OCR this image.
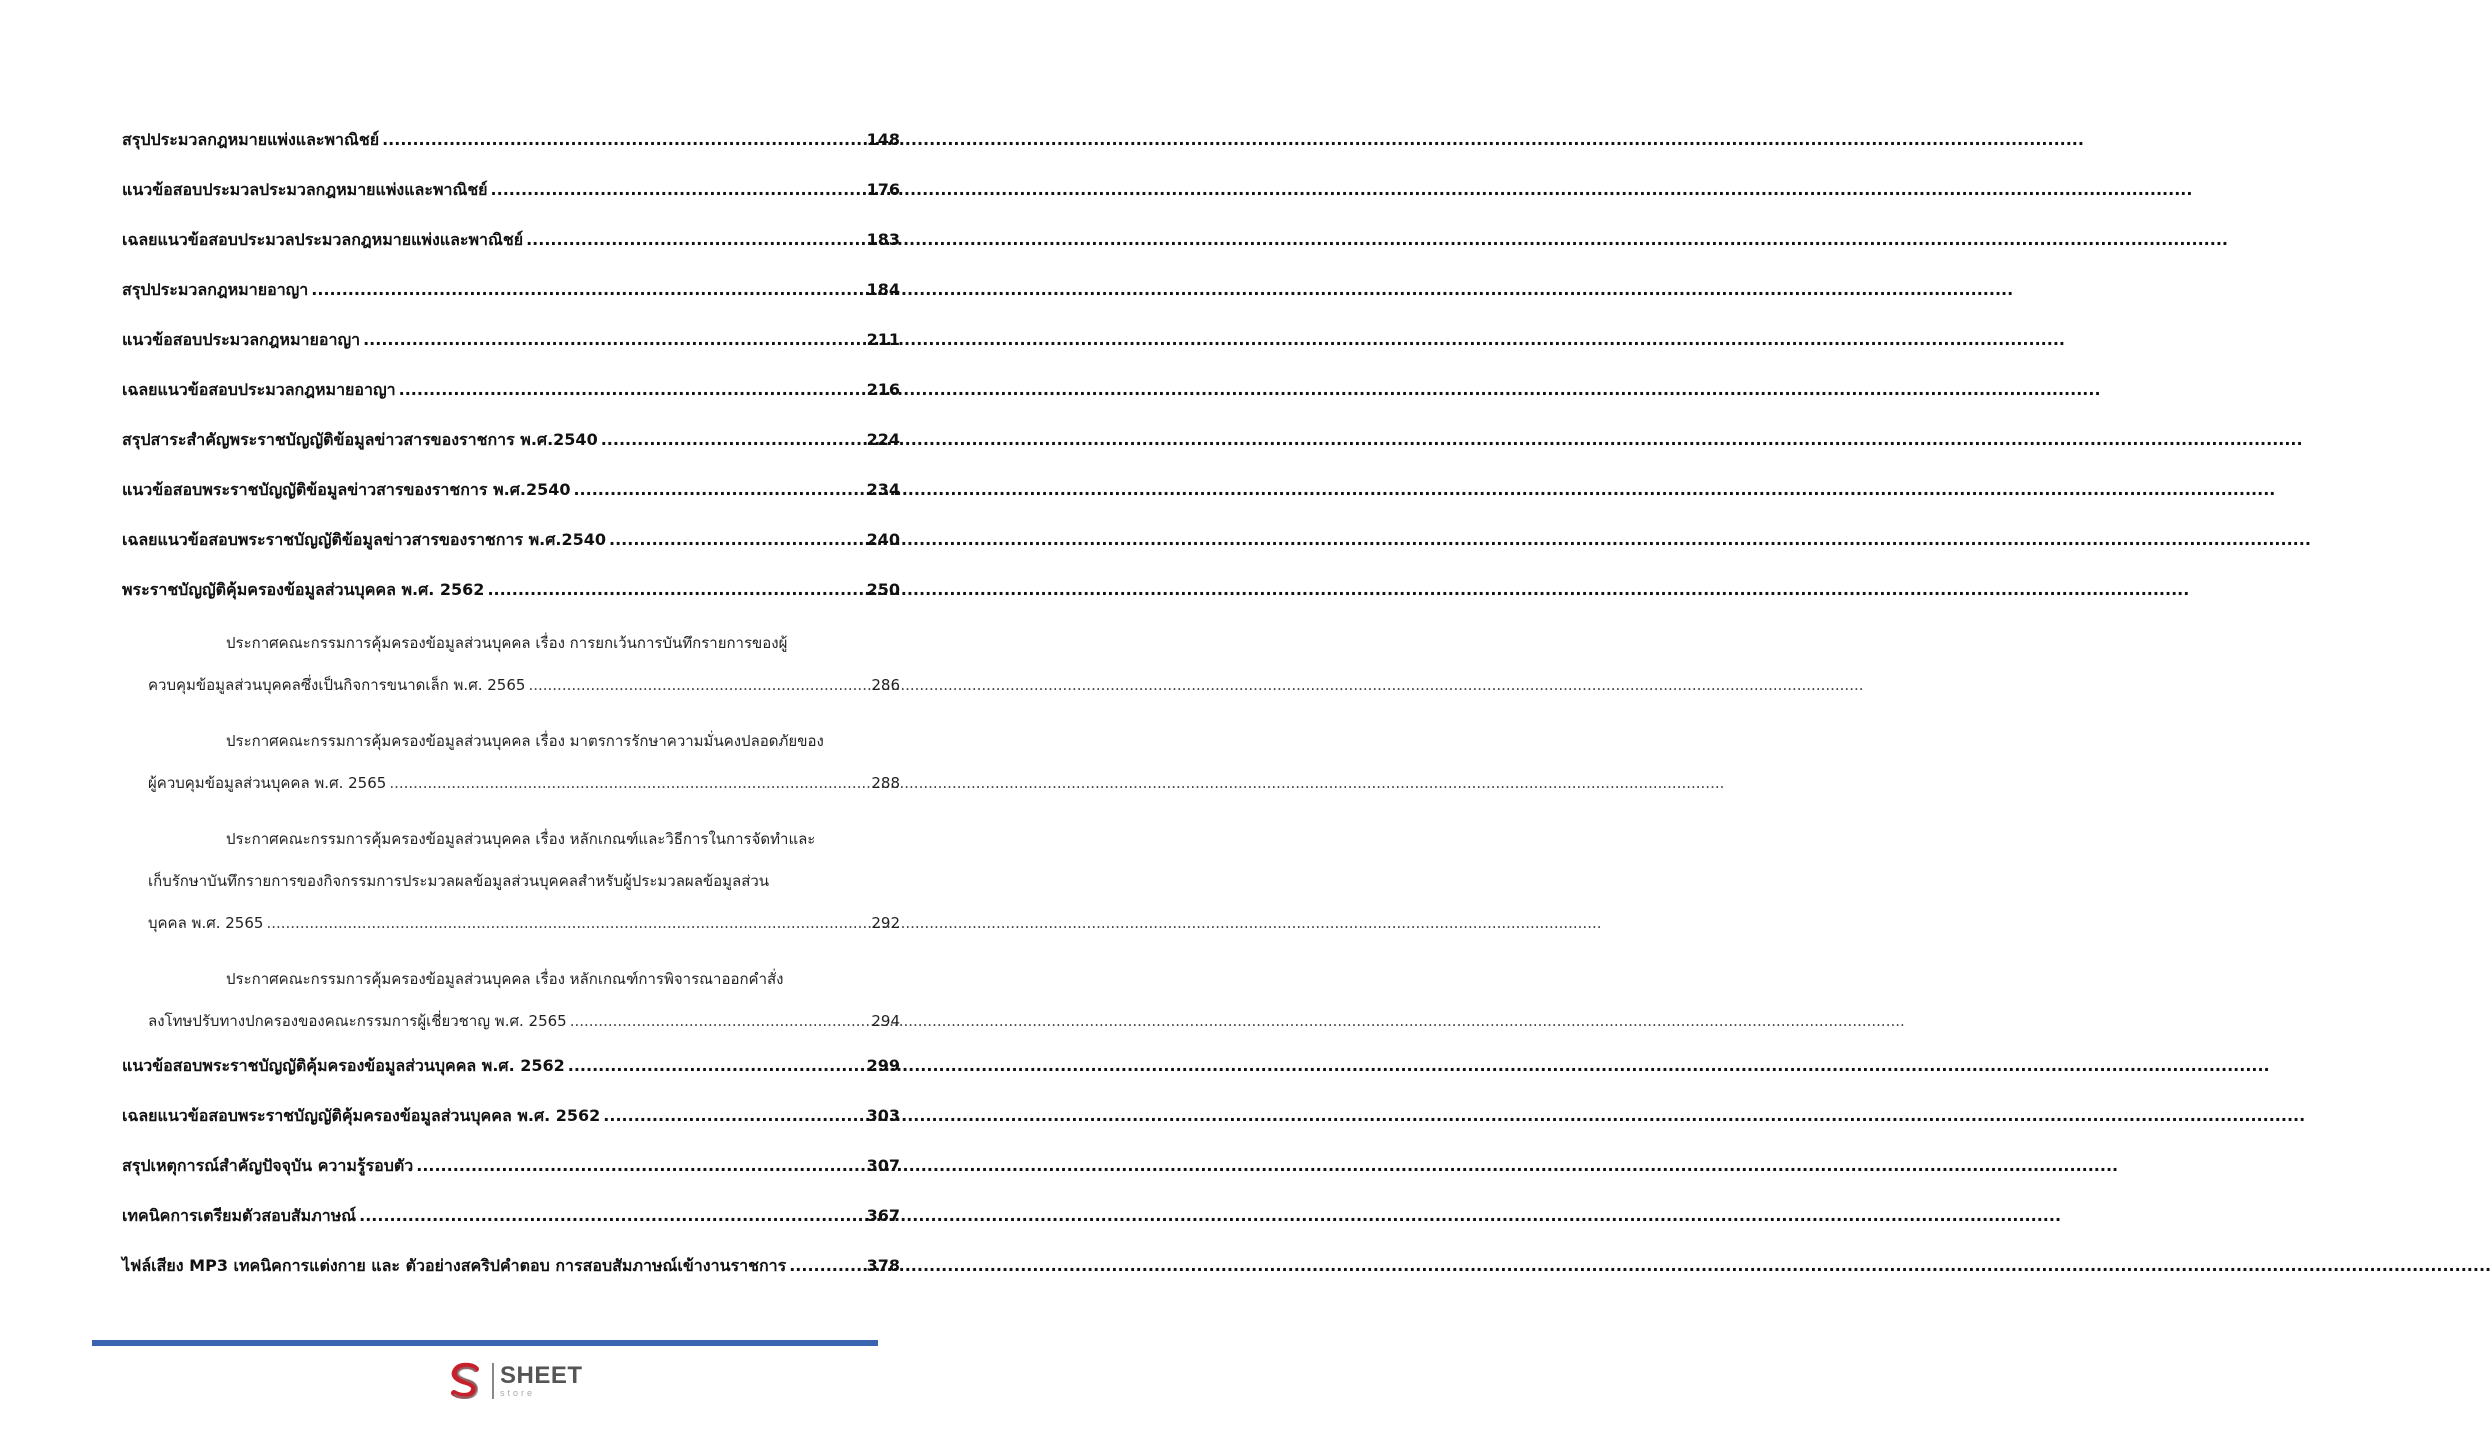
สรุปประมวลกฎหมายแพ่งและพาณิชย์ .....	148
แนวข้อสอบประมวลประมวลกฎหมายแพ่งและพาณิชย์ .....	176
เฉลยแนวข้อสอบประมวลประมวลกฎหมายแพ่งและพาณิชย์ .....	183
สรุปประมวลกฎหมายอาญา .....	184
แนวข้อสอบประมวลกฎหมายอาญา .....	211
เฉลยแนวข้อสอบประมวลกฎหมายอาญา .....	216
สรุปสาระสำคัญพระราชบัญญัติข้อมูลข่าวสารของราชการ พ.ศ.2540 .....	224
แนวข้อสอบพระราชบัญญัติข้อมูลข่าวสารของราชการ พ.ศ.2540 .....	234
เฉลยแนวข้อสอบพระราชบัญญัติข้อมูลข่าวสารของราชการ พ.ศ.2540 .....	240
พระราชบัญญัติคุ้มครองข้อมูลส่วนบุคคล พ.ศ. 2562 .....	250
ประกาศคณะกรรมการคุ้มครองข้อมูลส่วนบุคคล เรื่อง การยกเว้นการบันทึกรายการของผู้
ควบคุมข้อมูลส่วนบุคคลซึ่งเป็นกิจการขนาดเล็ก พ.ศ. 2565 .....	286
ประกาศคณะกรรมการคุ้มครองข้อมูลส่วนบุคคล เรื่อง มาตรการรักษาความมั่นคงปลอดภัยของ
ผู้ควบคุมข้อมูลส่วนบุคคล พ.ศ. 2565 .....	288
ประกาศคณะกรรมการคุ้มครองข้อมูลส่วนบุคคล เรื่อง หลักเกณฑ์และวิธีการในการจัดทำและ
เก็บรักษาบันทึกรายการของกิจกรรมการประมวลผลข้อมูลส่วนบุคคลสำหรับผู้ประมวลผลข้อมูลส่วน
บุคคล พ.ศ. 2565 .....	292
ประกาศคณะกรรมการคุ้มครองข้อมูลส่วนบุคคล เรื่อง หลักเกณฑ์การพิจารณาออกคำสั่ง
ลงโทษปรับทางปกครองของคณะกรรมการผู้เชี่ยวชาญ พ.ศ. 2565 .....	294
แนวข้อสอบพระราชบัญญัติคุ้มครองข้อมูลส่วนบุคคล พ.ศ. 2562 .....	299
เฉลยแนวข้อสอบพระราชบัญญัติคุ้มครองข้อมูลส่วนบุคคล พ.ศ. 2562 .....	303
สรุปเหตุการณ์สำคัญปัจจุบัน ความรู้รอบตัว .....	307
เทคนิคการเตรียมตัวสอบสัมภาษณ์ .....	367
ไฟล์เสียง MP3 เทคนิคการแต่งกาย และ ตัวอย่างสคริปคำตอบ การสอบสัมภาษณ์เข้างานราชการ .....	378
SHEET
store
